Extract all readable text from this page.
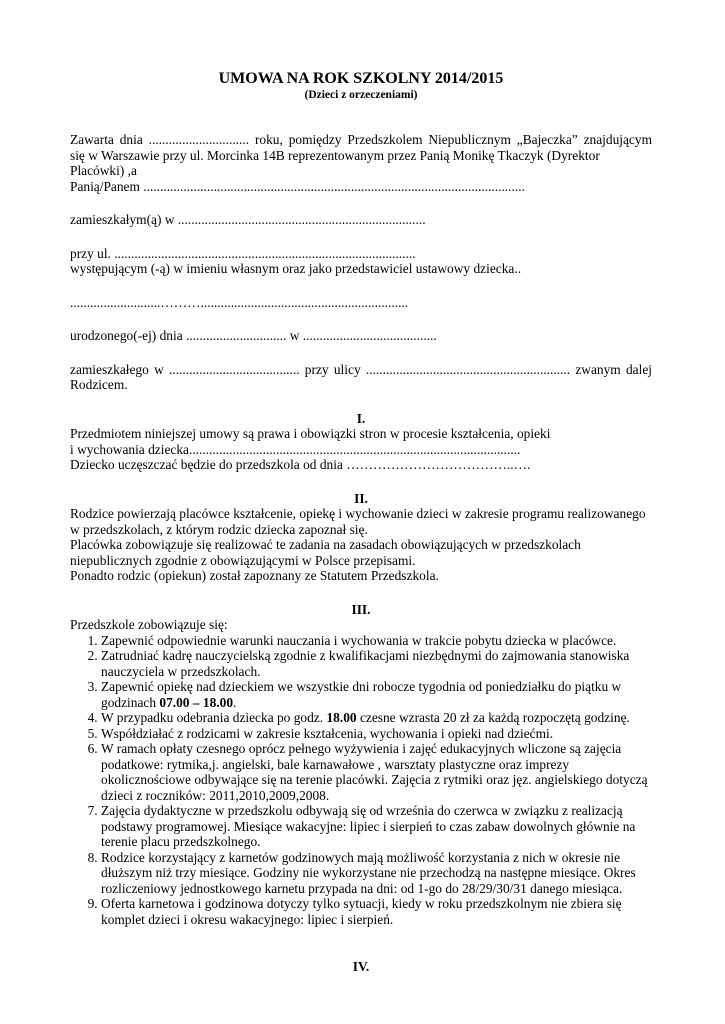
UMOWA NA ROK SZKOLNY 2014/2015

(Dzieci z orzeczeniami)

Zawarta dnia .............................. roku, pomiędzy Przedszkolem Niepublicznym „Bajeczka” znajdującym

się w Warszawie przy ul. Morcinka 14B reprezentowanym przez Panią Monikę Tkaczyk (Dyrektor

Placówki) ,a

Panią/Panem ..................................................................................................................

zamieszkałym(ą) w ..........................................................................

przy ul. ..........................................................................................

występującym (-ą) w imieniu własnym oraz jako przedstawiciel ustawowy dziecka..

...........................………..............................................................

urodzonego(-ej) dnia .............................. w ........................................

zamieszkałego w ....................................... przy ulicy ............................................................. zwanym dalej

Rodzicem.

I.

Przedmiotem niniejszej umowy są prawa i obowiązki stron w procesie kształcenia, opieki

i wychowania dziecka...................................................................................................

Dziecko uczęszczać będzie do przedszkola od dnia ………………………………..….

II.

Rodzice powierzają placówce kształcenie, opiekę i wychowanie dzieci w zakresie programu realizowanego

w przedszkolach, z którym rodzic dziecka zapoznał się.

Placówka zobowiązuje się realizować te zadania na zasadach obowiązujących w przedszkolach

niepublicznych zgodnie z obowiązującymi w Polsce przepisami.

Ponadto rodzic (opiekun) został zapoznany ze Statutem Przedszkola.

III.

Przedszkole zobowiązuje się:

1. Zapewnić odpowiednie warunki nauczania i wychowania w trakcie pobytu dziecka w placówce.
2. Zatrudniać kadrę nauczycielską zgodnie z kwalifikacjami niezbędnymi do zajmowania stanowiska nauczyciela w przedszkolach.
3. Zapewnić opiekę nad dzieckiem we wszystkie dni robocze tygodnia od poniedziałku do piątku w godzinach 07.00 – 18.00.
4. W przypadku odebrania dziecka po godz. 18.00 czesne wzrasta 20 zł za każdą rozpoczętą godzinę.
5. Współdziałać z rodzicami w zakresie kształcenia, wychowania i opieki nad dziećmi.
6. W ramach opłaty czesnego oprócz pełnego wyżywienia i zajęć edukacyjnych wliczone są zajęcia podatkowe: rytmika,j. angielski, bale karnawałowe , warsztaty plastyczne oraz imprezy okolicznościowe odbywające się na terenie placówki. Zajęcia z rytmiki oraz jęz. angielskiego dotyczą dzieci z roczników: 2011,2010,2009,2008.
7. Zajęcia dydaktyczne w przedszkolu odbywają się od września do czerwca w związku z realizacją podstawy programowej. Miesiące wakacyjne: lipiec i sierpień to czas zabaw dowolnych głównie na terenie placu przedszkolnego.
8. Rodzice korzystający z karnetów godzinowych mają możliwość korzystania z nich w okresie nie dłuższym niż trzy miesiące. Godziny nie wykorzystane nie przechodzą na następne miesiące. Okres rozliczeniowy jednostkowego karnetu przypada na dni: od 1-go do 28/29/30/31 danego miesiąca.
9. Oferta karnetowa i godzinowa dotyczy tylko sytuacji, kiedy w roku przedszkolnym nie zbiera się komplet dzieci i okresu wakacyjnego: lipiec i sierpień.

IV.
